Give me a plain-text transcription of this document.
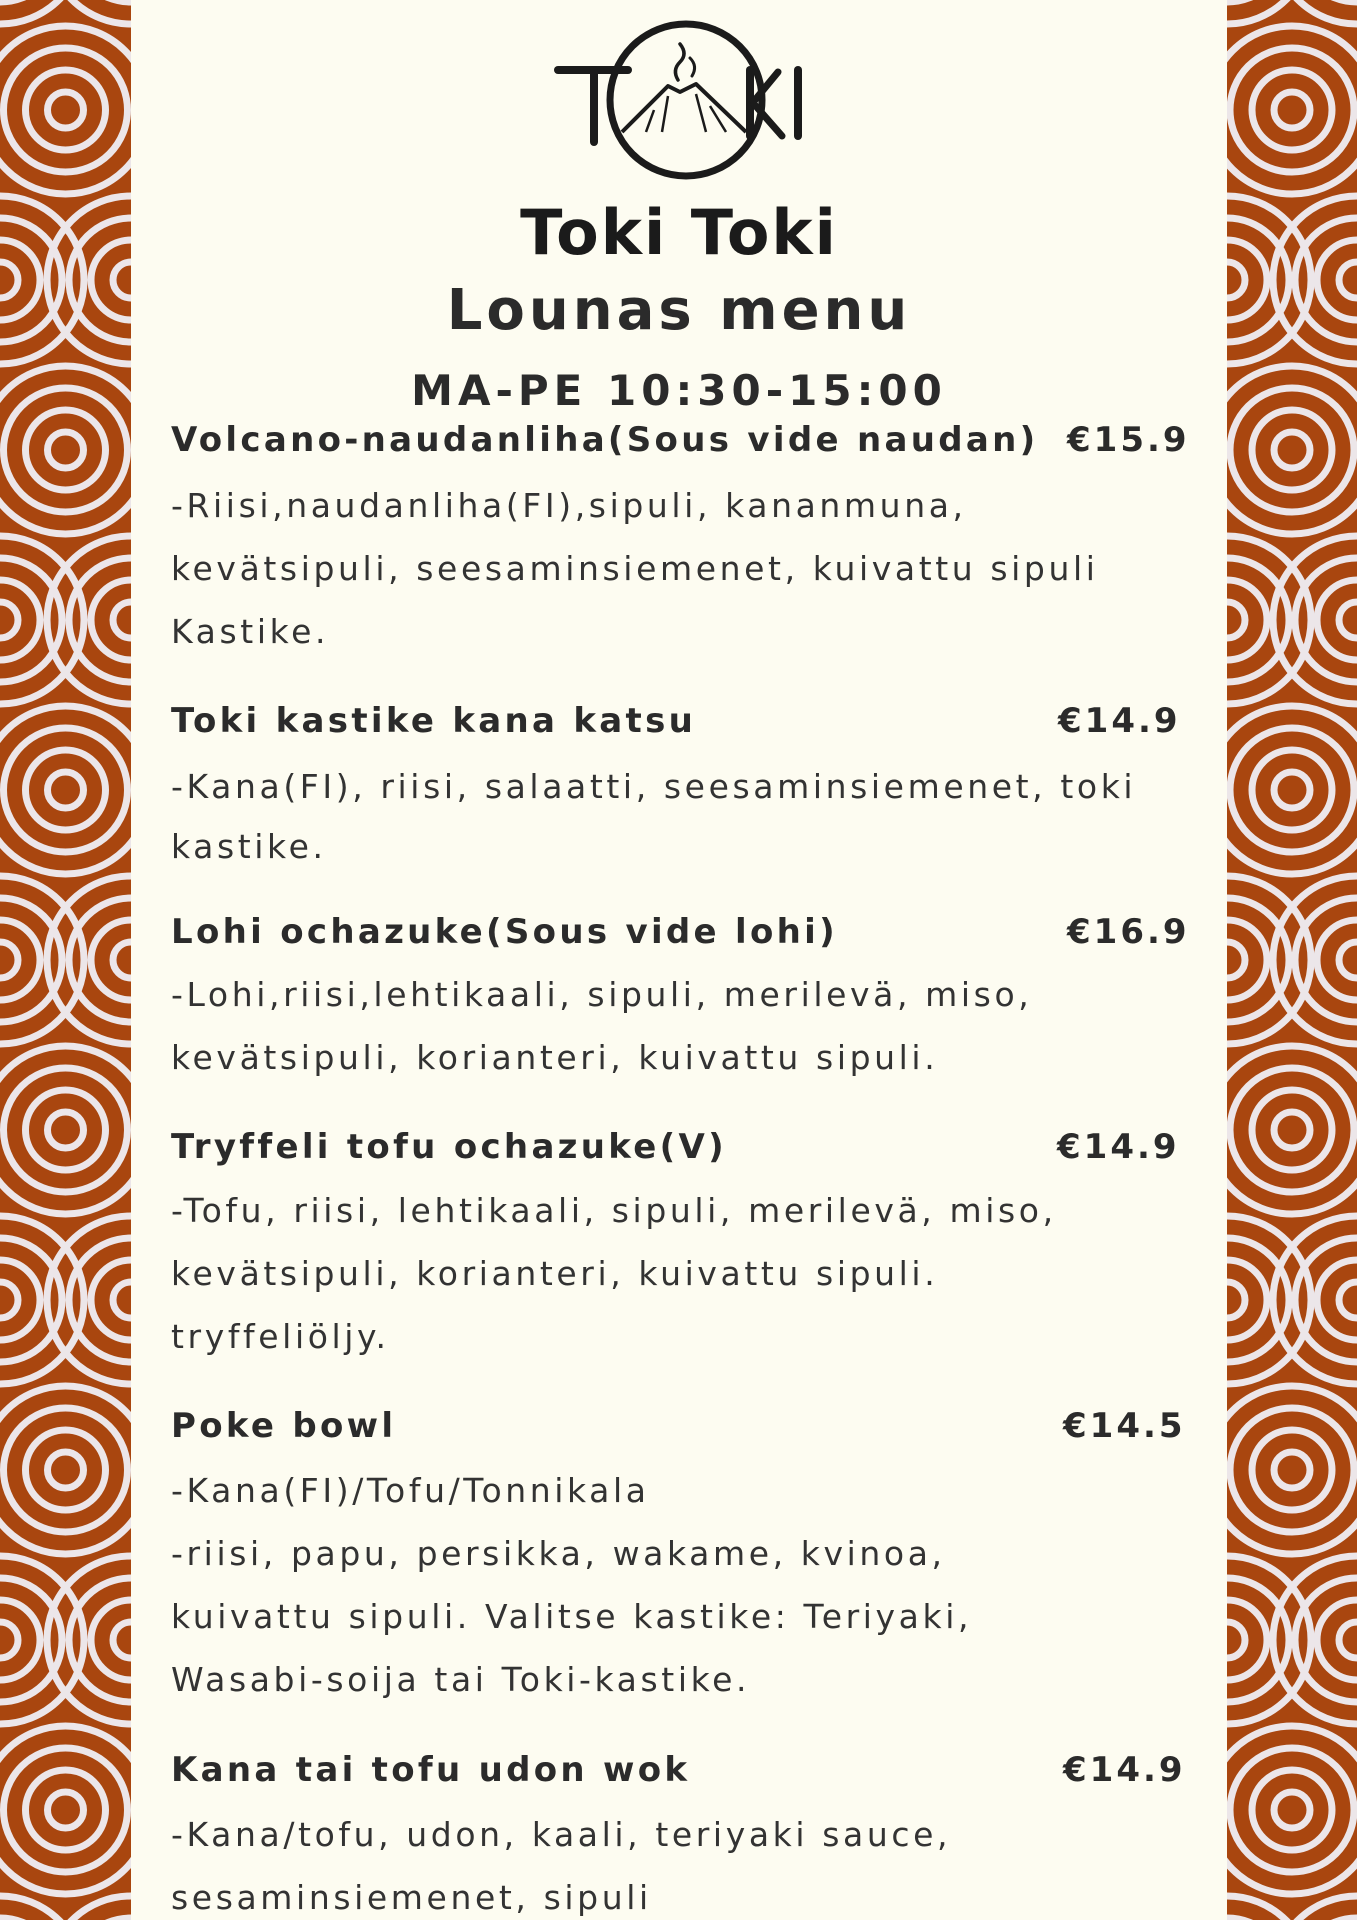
Toki Toki
Lounas menu
MA-PE 10:30-15:00
Volcano-naudanliha(Sous vide naudan) €15.9
-Riisi,naudanliha(FI),sipuli, kananmuna,
kevätsipuli, seesaminsiemenet, kuivattu sipuli
Kastike.
Toki kastike kana katsu	€14.9
-Kana(FI), riisi, salaatti, seesaminsiemenet, toki
kastike.
Lohi ochazuke(Sous vide lohi)	€16.9
-Lohi,riisi,lehtikaali, sipuli, merilevä, miso,
kevätsipuli, korianteri, kuivattu sipuli.
Tryffeli tofu ochazuke(V)	€14.9
-Tofu, riisi, lehtikaali, sipuli, merilevä, miso,
kevätsipuli, korianteri, kuivattu sipuli.
tryffeliöljy.
Poke bowl	€14.5
-Kana(FI)/Tofu/Tonnikala
-riisi, papu, persikka, wakame, kvinoa,
kuivattu sipuli. Valitse kastike: Teriyaki,
Wasabi-soija tai Toki-kastike.
Kana tai tofu udon wok	€14.9
-Kana/tofu, udon, kaali, teriyaki sauce,
sesaminsiemenet, sipuli
